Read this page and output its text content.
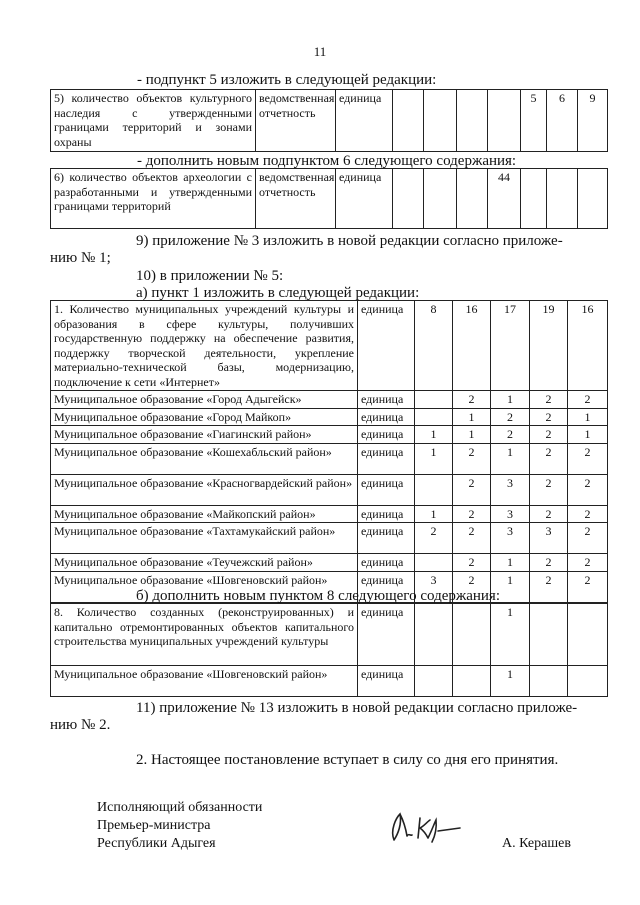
11
- подпункт 5 изложить в следующей редакции:
5) количество объектов культурного наследия с утвержденными границами территорий и зонами охраны	ведомственная отчетность	единица					5	6	9
- дополнить новым подпунктом 6 следующего содержания:
6) количество объектов археологии с разработанными и утвержденными границами территорий	ведомственная отчетность	единица				44			
9) приложение № 3 изложить в новой редакции согласно приложе-
нию № 1;
10) в приложении № 5:
а) пункт 1 изложить в следующей редакции:
1. Количество муниципальных учреждений культуры и образования в сфере культуры, получивших государственную поддержку на обеспечение развития, поддержку творческой деятельности, укрепление материально-технической базы, модернизацию, подключение к сети «Интернет»	единица	8	16	17	19	16
Муниципальное образование «Город Адыгейск»	единица		2	1	2	2
Муниципальное образование «Город Майкоп»	единица		1	2	2	1
Муниципальное образование «Гиагинский район»	единица	1	1	2	2	1
Муниципальное образование «Кошехабльский район»	единица	1	2	1	2	2
Муниципальное образование «Красногвардейский район»	единица		2	3	2	2
Муниципальное образование «Майкопский район»	единица	1	2	3	2	2
Муниципальное образование «Тахтамукайский район»	единица	2	2	3	3	2
Муниципальное образование «Теучежский район»	единица		2	1	2	2
Муниципальное образование «Шовгеновский район»	единица	3	2	1	2	2
б) дополнить новым пунктом 8 следующего содержания:
8. Количество созданных (реконструированных) и капитально отремонтированных объектов капитального строительства муниципальных учреждений культуры	единица			1		
Муниципальное образование «Шовгеновский район»	единица			1		
11) приложение № 13 изложить в новой редакции согласно приложе-
нию № 2.
2. Настоящее постановление вступает в силу со дня его принятия.
Исполняющий обязанности
Премьер-министра
Республики Адыгея	А. Керашев
